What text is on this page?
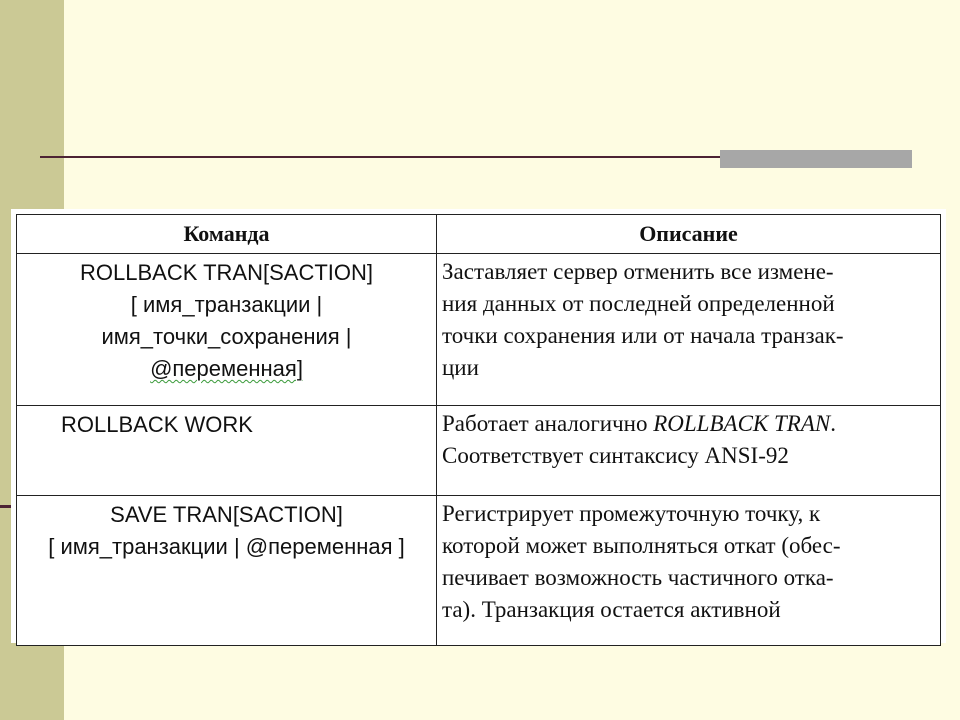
Команда	Описание

ROLLBACK TRAN[SACTION]
[ имя_транзакции |
имя_точки_сохранения |
@переменная]	Заставляет сервер отменить все измене-
ния данных от последней определенной
точки сохранения или от начала транзак-
ции

ROLLBACK WORK	Работает аналогично ROLLBACK TRAN.
Соответствует синтаксису ANSI-92

SAVE TRAN[SACTION]
[ имя_транзакции | @переменная ]	Регистрирует промежуточную точку, к
которой может выполняться откат (обес-
печивает возможность частичного отка-
та). Транзакция остается активной
